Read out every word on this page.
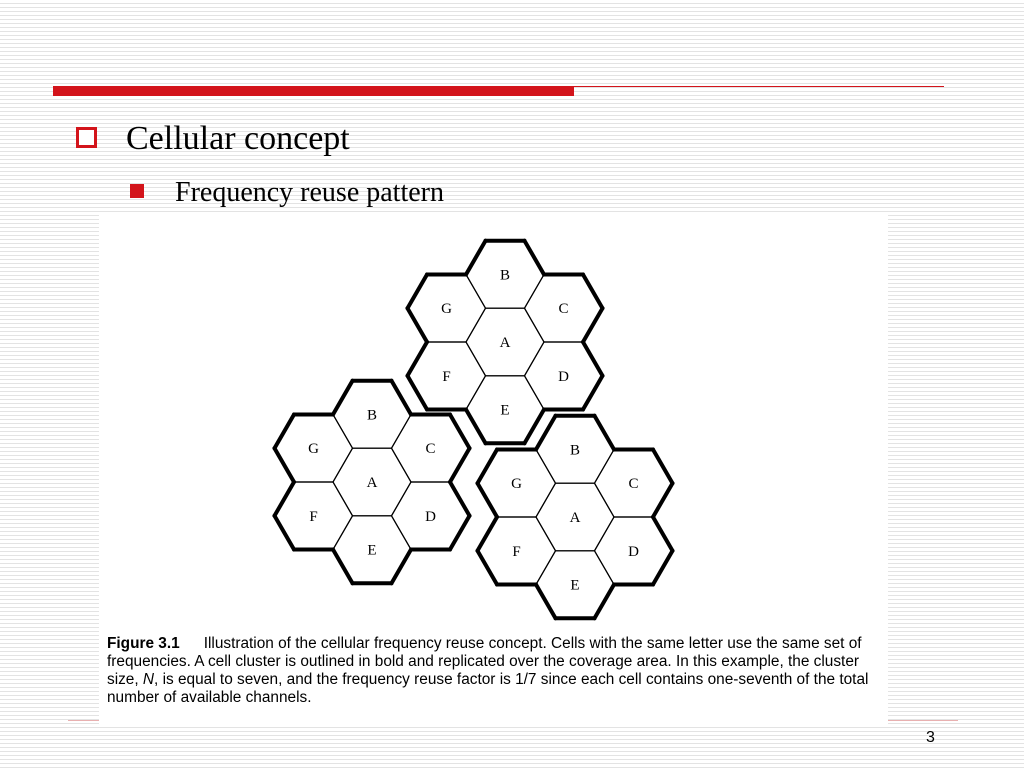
Cellular concept
Frequency reuse pattern
A
B
C
D
E
F
G
A
B
C
D
E
F
G
A
B
C
D
E
F
G
Figure 3.1 Illustration of the cellular frequency reuse concept. Cells with the same letter use the same set of frequencies. A cell cluster is outlined in bold and replicated over the coverage area. In this example, the cluster size, N, is equal to seven, and the frequency reuse factor is 1/7 since each cell contains one-seventh of the total number of available channels.
3
